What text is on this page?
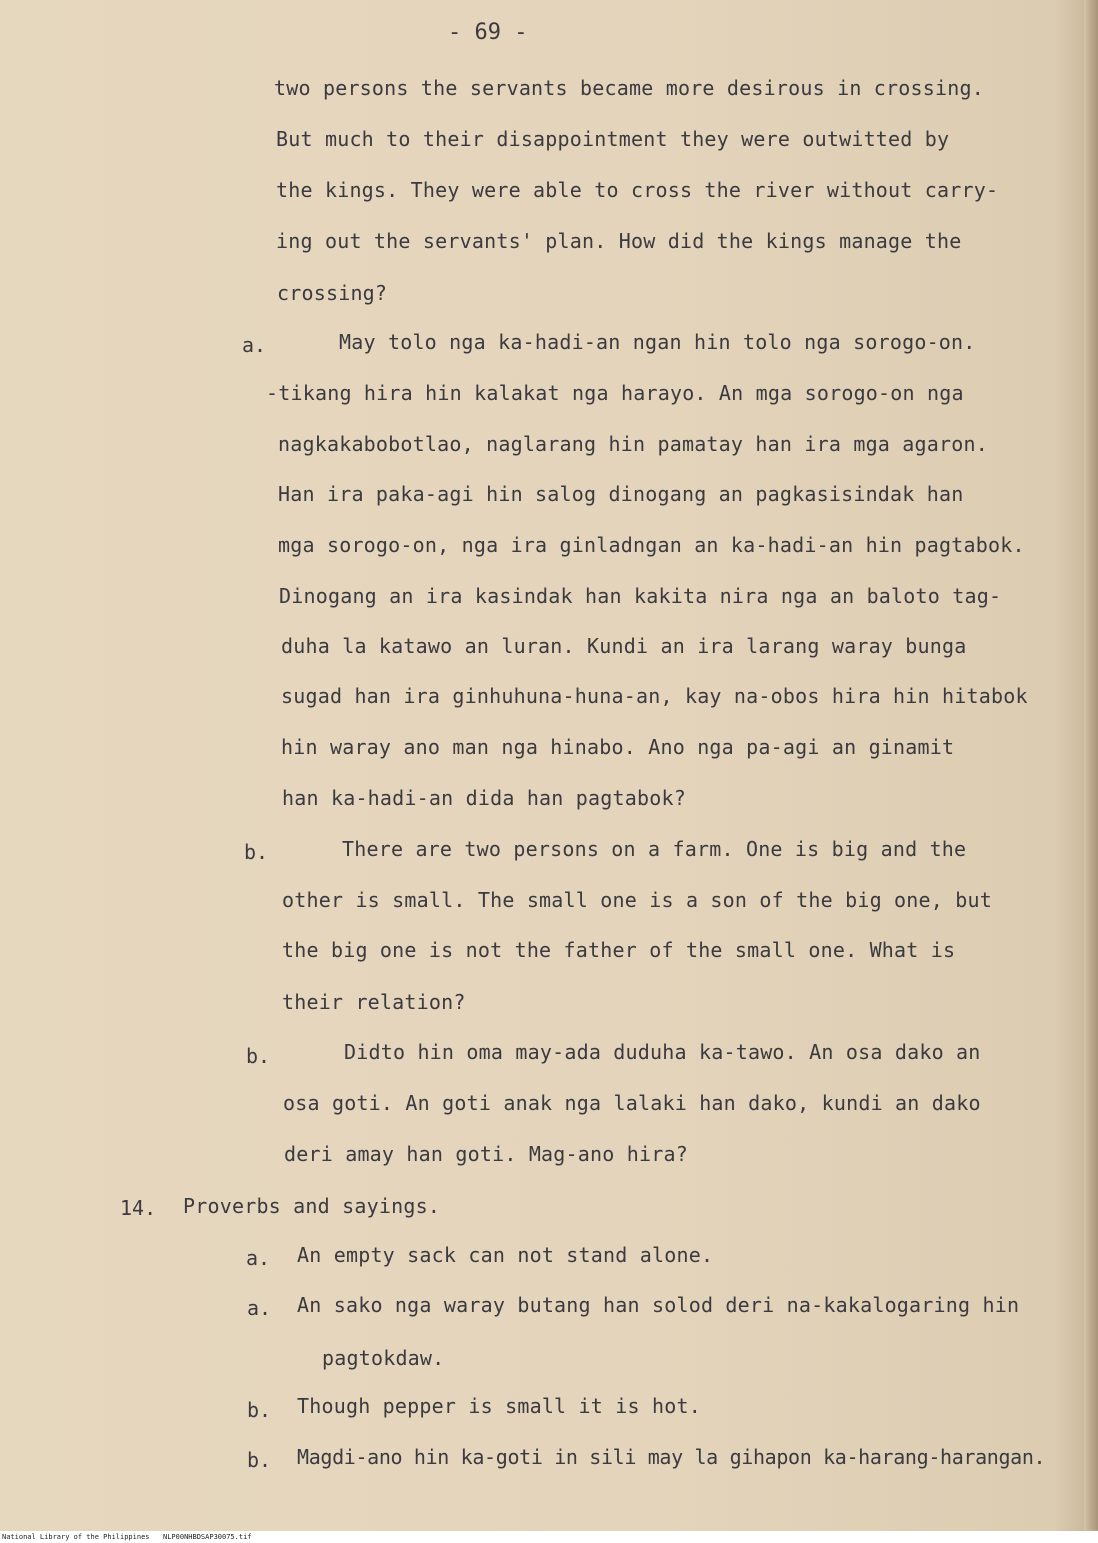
- 69 -
two persons the servants became more desirous in crossing.
But much to their disappointment they were outwitted by
the kings. They were able to cross the river without carry-
ing out the servants' plan. How did the kings manage the
crossing?
a.	May tolo nga ka-hadi-an ngan hin tolo nga sorogo-on.
-tikang hira hin kalakat nga harayo. An mga sorogo-on nga
nagkakabobotlao, naglarang hin pamatay han ira mga agaron.
Han ira paka-agi hin salog dinogang an pagkasisindak han
mga sorogo-on, nga ira ginladngan an ka-hadi-an hin pagtabok.
Dinogang an ira kasindak han kakita nira nga an baloto tag-
duha la katawo an luran. Kundi an ira larang waray bunga
sugad han ira ginhuhuna-huna-an, kay na-obos hira hin hitabok
hin waray ano man nga hinabo. Ano nga pa-agi an ginamit
han ka-hadi-an dida han pagtabok?
b.	There are two persons on a farm. One is big and the
other is small. The small one is a son of the big one, but
the big one is not the father of the small one. What is
their relation?
b.	Didto hin oma may-ada duduha ka-tawo. An osa dako an
osa goti. An goti anak nga lalaki han dako, kundi an dako
deri amay han goti. Mag-ano hira?
14. Proverbs and sayings.
a. An empty sack can not stand alone.
a. An sako nga waray butang han solod deri na-kakalogaring hin
pagtokdaw.
b. Though pepper is small it is hot.
b. Magdi-ano hin ka-goti in sili may la gihapon ka-harang-harangan.
National Library of the Philippines NLP00NHBDSAP30075.tif
